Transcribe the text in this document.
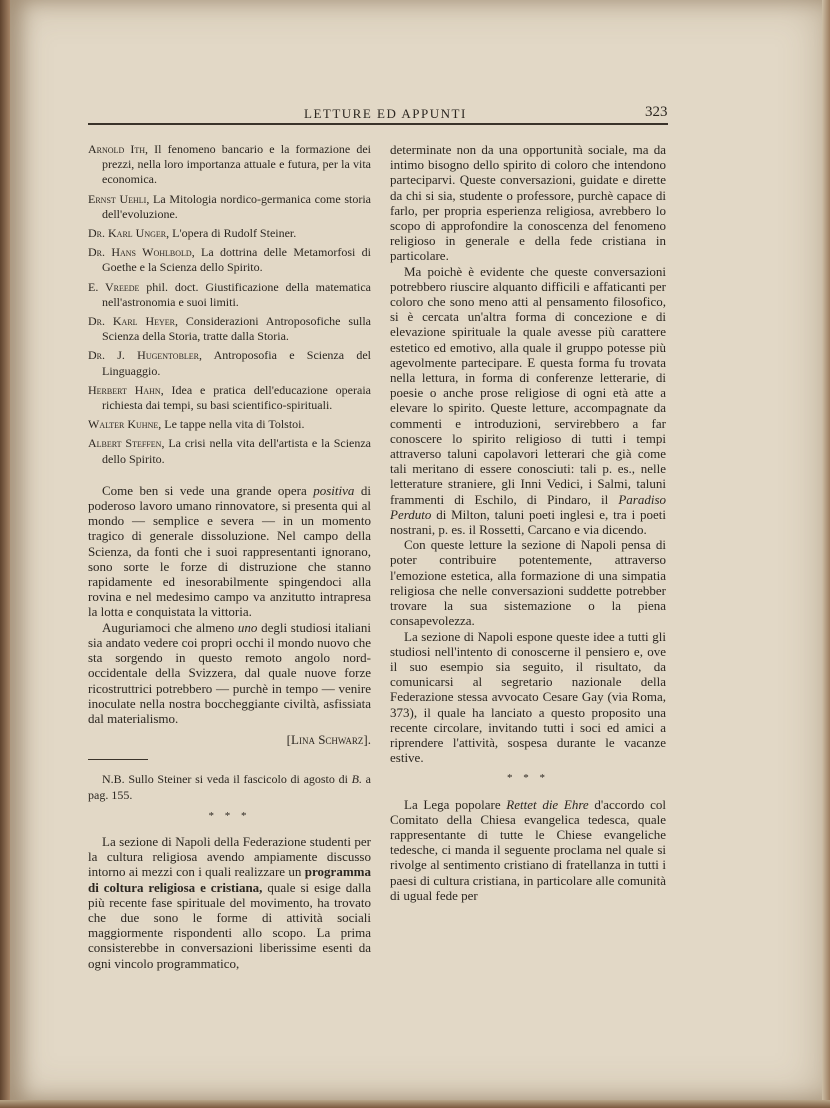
LETTURE ED APPUNTI	323

Arnold Ith, Il fenomeno bancario e la formazione dei prezzi, nella loro importanza attuale e futura, per la vita economica.

Ernst Uehli, La Mitologia nordico-germanica come storia dell'evoluzione.

Dr. Karl Unger, L'opera di Rudolf Steiner.

Dr. Hans Wohlbold, La dottrina delle Metamorfosi di Goethe e la Scienza dello Spirito.

E. Vreede phil. doct. Giustificazione della matematica nell'astronomia e suoi limiti.

Dr. Karl Heyer, Considerazioni Antroposofiche sulla Scienza della Storia, tratte dalla Storia.

Dr. J. Hugentobler, Antroposofia e Scienza del Linguaggio.

Herbert Hahn, Idea e pratica dell'educazione operaia richiesta dai tempi, su basi scientifico-spirituali.

Walter Kuhne, Le tappe nella vita di Tolstoi.

Albert Steffen, La crisi nella vita dell'artista e la Scienza dello Spirito.

Come ben si vede una grande opera positiva di poderoso lavoro umano rinnovatore, si presenta qui al mondo — semplice e severa — in un momento tragico di generale dissoluzione. Nel campo della Scienza, da fonti che i suoi rappresentanti ignorano, sono sorte le forze di distruzione che stanno rapidamente ed inesorabilmente spingendoci alla rovina e nel medesimo campo va anzitutto intrapresa la lotta e conquistata la vittoria.

Auguriamoci che almeno uno degli studiosi italiani sia andato vedere coi propri occhi il mondo nuovo che sta sorgendo in questo remoto angolo nord-occidentale della Svizzera, dal quale nuove forze ricostruttrici potrebbero — purchè in tempo — venire inoculate nella nostra boccheggiante civiltà, asfissiata dal materialismo.

[Lina Schwarz].

N.B. Sullo Steiner si veda il fascicolo di agosto di B. a pag. 155.

* * *

La sezione di Napoli della Federazione studenti per la cultura religiosa avendo ampiamente discusso intorno ai mezzi con i quali realizzare un programma di coltura religiosa e cristiana, quale si esige dalla più recente fase spirituale del movimento, ha trovato che due sono le forme di attività sociali maggiormente rispondenti allo scopo. La prima consisterebbe in conversazioni liberissime esenti da ogni vincolo programmatico,

determinate non da una opportunità sociale, ma da intimo bisogno dello spirito di coloro che intendono parteciparvi. Queste conversazioni, guidate e dirette da chi si sia, studente o professore, purchè capace di farlo, per propria esperienza religiosa, avrebbero lo scopo di approfondire la conoscenza del fenomeno religioso in generale e della fede cristiana in particolare.

Ma poichè è evidente che queste conversazioni potrebbero riuscire alquanto difficili e affaticanti per coloro che sono meno atti al pensamento filosofico, si è cercata un'altra forma di concezione e di elevazione spirituale la quale avesse più carattere estetico ed emotivo, alla quale il gruppo potesse più agevolmente partecipare. E questa forma fu trovata nella lettura, in forma di conferenze letterarie, di poesie o anche prose religiose di ogni età atte a elevare lo spirito. Queste letture, accompagnate da commenti e introduzioni, servirebbero a far conoscere lo spirito religioso di tutti i tempi attraverso taluni capolavori letterari che già come tali meritano di essere conosciuti: tali p. es., nelle letterature straniere, gli Inni Vedici, i Salmi, taluni frammenti di Eschilo, di Pindaro, il Paradiso Perduto di Milton, taluni poeti inglesi e, tra i poeti nostrani, p. es. il Rossetti, Carcano e via dicendo.

Con queste letture la sezione di Napoli pensa di poter contribuire potentemente, attraverso l'emozione estetica, alla formazione di una simpatia religiosa che nelle conversazioni suddette potrebber trovare la sua sistemazione o la piena consapevolezza.

La sezione di Napoli espone queste idee a tutti gli studiosi nell'intento di conoscerne il pensiero e, ove il suo esempio sia seguito, il risultato, da comunicarsi al segretario nazionale della Federazione stessa avvocato Cesare Gay (via Roma, 373), il quale ha lanciato a questo proposito una recente circolare, invitando tutti i soci ed amici a riprendere l'attività, sospesa durante le vacanze estive.

* * *

La Lega popolare Rettet die Ehre d'accordo col Comitato della Chiesa evangelica tedesca, quale rappresentante di tutte le Chiese evangeliche tedesche, ci manda il seguente proclama nel quale si rivolge al sentimento cristiano di fratellanza in tutti i paesi di cultura cristiana, in particolare alle comunità di ugual fede per
